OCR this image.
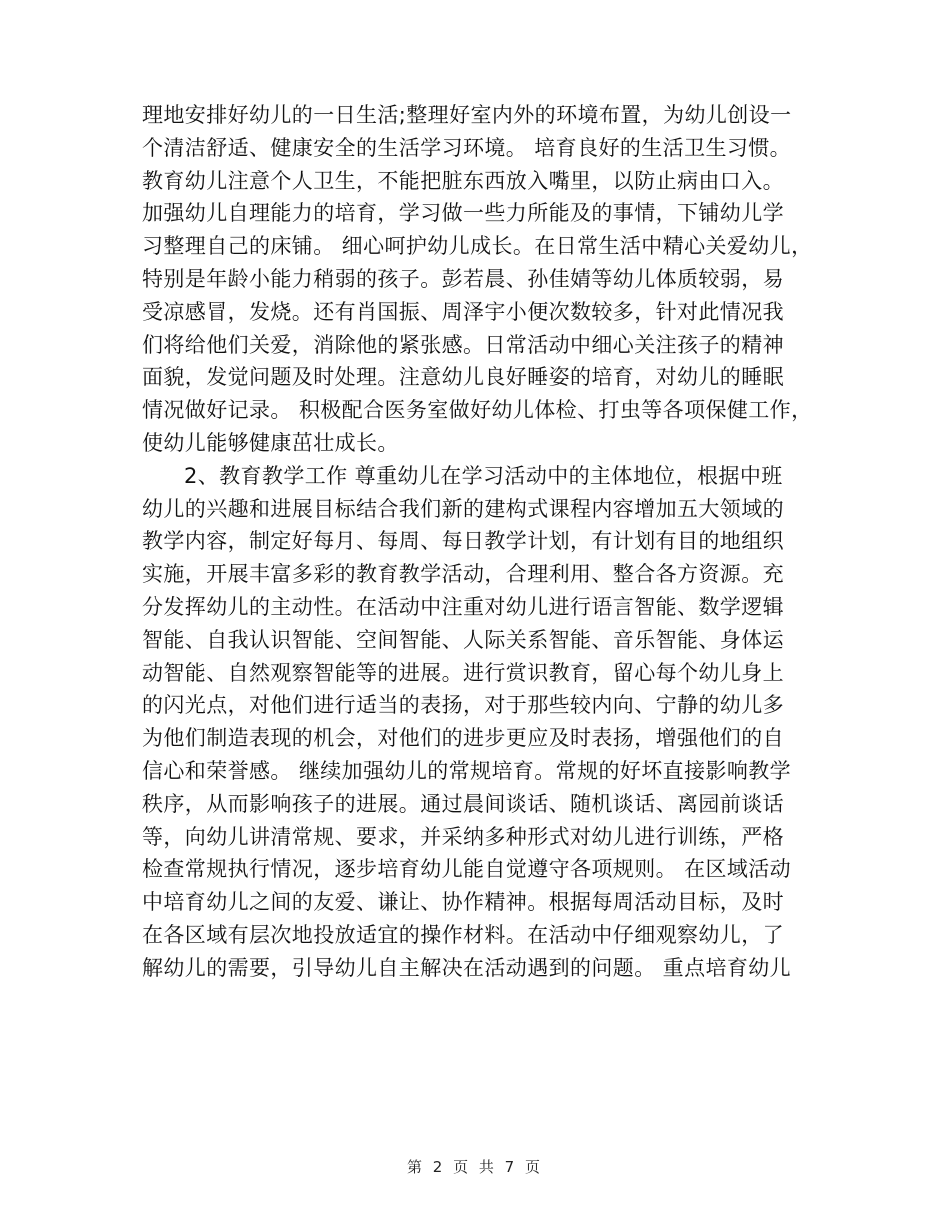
理地安排好幼儿的一日生活;整理好室内外的环境布置，为幼儿创设一
个清洁舒适、健康安全的生活学习环境。 培育良好的生活卫生习惯。
教育幼儿注意个人卫生，不能把脏东西放入嘴里，以防止病由口入。
加强幼儿自理能力的培育，学习做一些力所能及的事情，下铺幼儿学
习整理自己的床铺。 细心呵护幼儿成长。在日常生活中精心关爱幼儿，
特别是年龄小能力稍弱的孩子。彭若晨、孙佳婧等幼儿体质较弱，易
受凉感冒，发烧。还有肖国振、周泽宇小便次数较多，针对此情况我
们将给他们关爱，消除他的紧张感。日常活动中细心关注孩子的精神
面貌，发觉问题及时处理。注意幼儿良好睡姿的培育，对幼儿的睡眠
情况做好记录。 积极配合医务室做好幼儿体检、打虫等各项保健工作，
使幼儿能够健康茁壮成长。
2、教育教学工作 尊重幼儿在学习活动中的主体地位，根据中班
幼儿的兴趣和进展目标结合我们新的建构式课程内容增加五大领域的
教学内容，制定好每月、每周、每日教学计划，有计划有目的地组织
实施，开展丰富多彩的教育教学活动，合理利用、整合各方资源。充
分发挥幼儿的主动性。在活动中注重对幼儿进行语言智能、数学逻辑
智能、自我认识智能、空间智能、人际关系智能、音乐智能、身体运
动智能、自然观察智能等的进展。进行赏识教育，留心每个幼儿身上
的闪光点，对他们进行适当的表扬，对于那些较内向、宁静的幼儿多
为他们制造表现的机会，对他们的进步更应及时表扬，增强他们的自
信心和荣誉感。 继续加强幼儿的常规培育。常规的好坏直接影响教学
秩序，从而影响孩子的进展。通过晨间谈话、随机谈话、离园前谈话
等，向幼儿讲清常规、要求，并采纳多种形式对幼儿进行训练，严格
检查常规执行情况，逐步培育幼儿能自觉遵守各项规则。 在区域活动
中培育幼儿之间的友爱、谦让、协作精神。根据每周活动目标，及时
在各区域有层次地投放适宜的操作材料。在活动中仔细观察幼儿，了
解幼儿的需要，引导幼儿自主解决在活动遇到的问题。 重点培育幼儿
第 2 页 共 7 页
